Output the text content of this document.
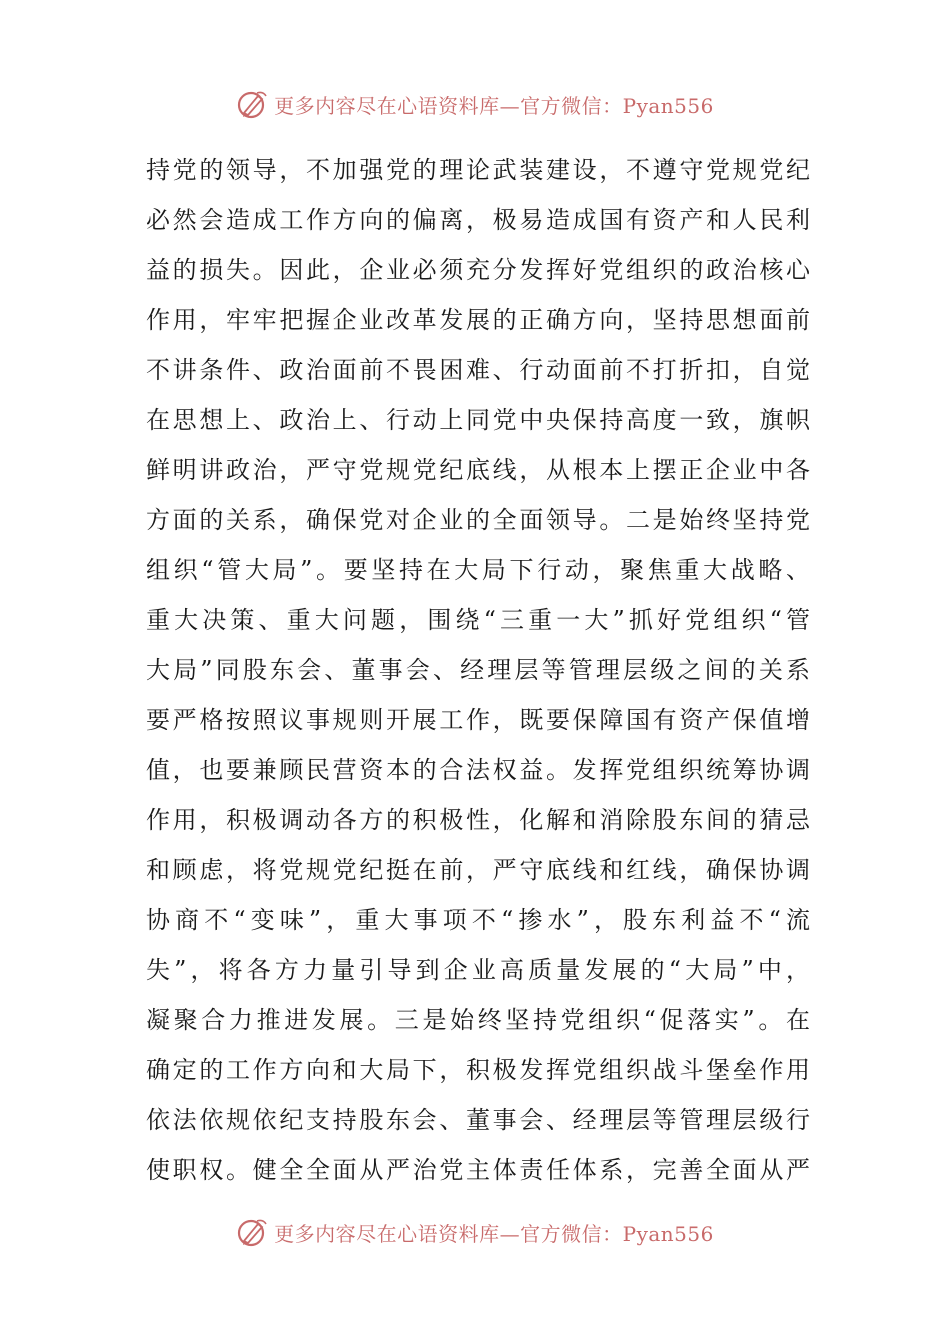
更多内容尽在心语资料库—官方微信：Pyan556
持党的领导，不加强党的理论武装建设，不遵守党规党纪
必然会造成工作方向的偏离，极易造成国有资产和人民利
益的损失。因此，企业必须充分发挥好党组织的政治核心
作用，牢牢把握企业改革发展的正确方向，坚持思想面前
不讲条件、政治面前不畏困难、行动面前不打折扣，自觉
在思想上、政治上、行动上同党中央保持高度一致，旗帜
鲜明讲政治，严守党规党纪底线，从根本上摆正企业中各
方面的关系，确保党对企业的全面领导。二是始终坚持党
组织“管大局”。要坚持在大局下行动，聚焦重大战略、
重大决策、重大问题，围绕“三重一大”抓好党组织“管
大局”同股东会、董事会、经理层等管理层级之间的关系
要严格按照议事规则开展工作，既要保障国有资产保值增
值，也要兼顾民营资本的合法权益。发挥党组织统筹协调
作用，积极调动各方的积极性，化解和消除股东间的猜忌
和顾虑，将党规党纪挺在前，严守底线和红线，确保协调
协商不“变味”，重大事项不“掺水”，股东利益不“流
失”，将各方力量引导到企业高质量发展的“大局”中，
凝聚合力推进发展。三是始终坚持党组织“促落实”。在
确定的工作方向和大局下，积极发挥党组织战斗堡垒作用
依法依规依纪支持股东会、董事会、经理层等管理层级行
使职权。健全全面从严治党主体责任体系，完善全面从严
更多内容尽在心语资料库—官方微信：Pyan556
